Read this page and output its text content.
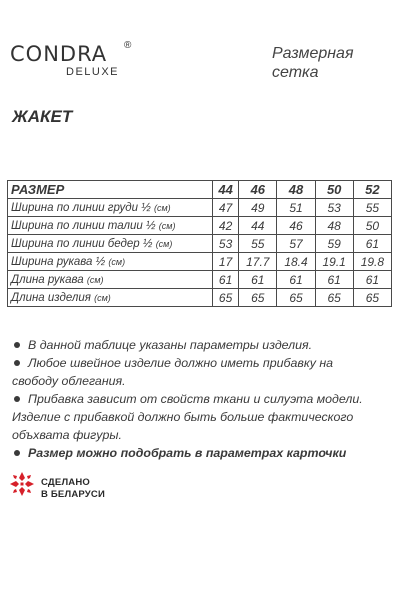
CONDRA ®
DELUXE
Размерная
сетка
ЖАКЕТ
РАЗМЕР	44	46	48	50	52
Ширина по линии груди ½ (см)	47	49	51	53	55
Ширина по линии талии ½ (см)	42	44	46	48	50
Ширина по линии бедер ½ (см)	53	55	57	59	61
Ширина рукава ½ (см)	17	17.7	18.4	19.1	19.8
Длина рукава (см)	61	61	61	61	61
Длина изделия (см)	65	65	65	65	65
В данной таблице указаны параметры изделия.
Любое швейное изделие должно иметь прибавку на
свободу облегания.
Прибавка зависит от свойств ткани и силуэта модели.
Изделие с прибавкой должно быть больше фактического объхвата фигуры.
Размер можно подобрать в параметрах карточки
СДЕЛАНО
В БЕЛАРУСИ
